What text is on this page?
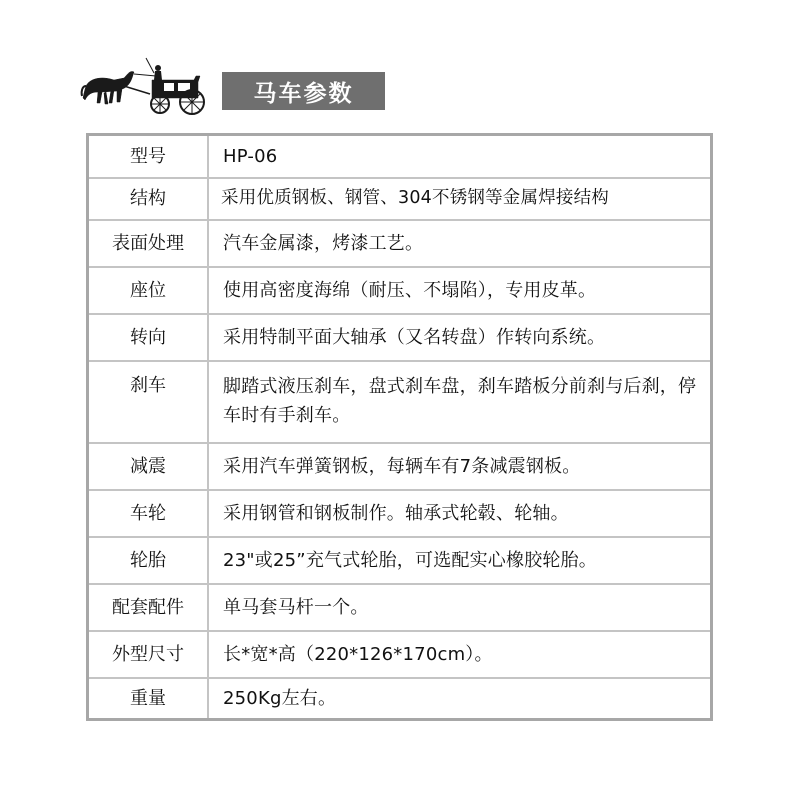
马车参数
型号	HP-06
结构	采用优质钢板、钢管、304不锈钢等金属焊接结构
表面处理	汽车金属漆，烤漆工艺。
座位	使用高密度海绵（耐压、不塌陷），专用皮革。
转向	采用特制平面大轴承（又名转盘）作转向系统。
刹车	脚踏式液压刹车，盘式刹车盘，刹车踏板分前刹与后刹，停车时有手刹车。
减震	采用汽车弹簧钢板，每辆车有7条减震钢板。
车轮	采用钢管和钢板制作。轴承式轮毂、轮轴。
轮胎	23"或25”充气式轮胎，可选配实心橡胶轮胎。
配套配件	单马套马杆一个。
外型尺寸	长*宽*高（220*126*170cm）。
重量	250Kg左右。
